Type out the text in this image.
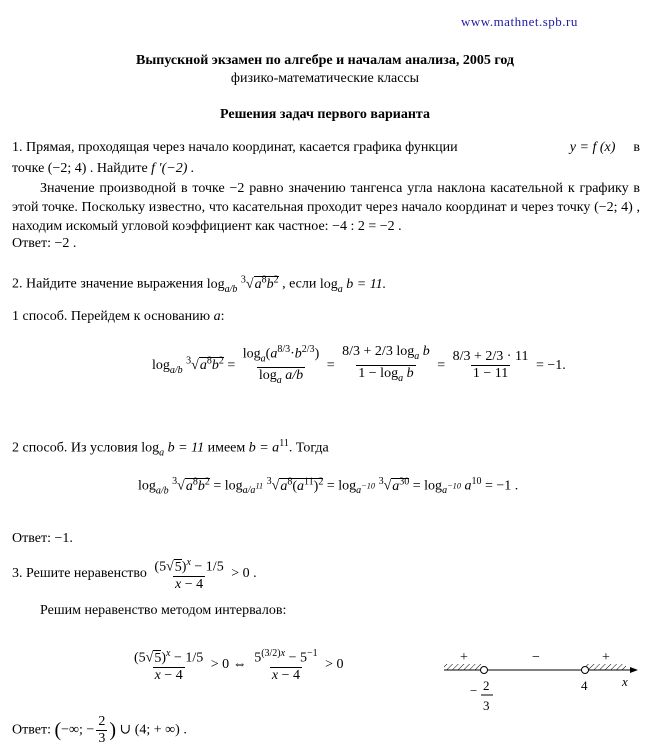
www.mathnet.spb.ru
Выпускной экзамен по алгебре и началам анализа, 2005 год
физико-математические классы
Решения задач первого варианта
1. Прямая, проходящая через начало координат, касается графика функции	y = f (x) в
точке (−2; 4) . Найдите f ′(−2) .
Значение производной в точке −2 равно значению тангенса угла наклона касательной к графику в этой точке. Поскольку известно, что касательная проходит через начало координат и через точку (−2; 4) , находим искомый угловой коэффициент как частное: −4 : 2 = −2 .
Ответ: −2 .
2. Найдите значение выражения $\log_{a/b} ^3√a^8b^2$ , если $\log_a b = 11$.
1 способ. Перейдем к основанию a:
$\log_{a/b} ^3√a^8b^2 = \frac{\log_a(a^{8/3}\cdot b^{2/3})}{\log_a a/b} = \frac{8/3 + 2/3 \log_a b}{1 - \log_a b} = \frac{8/3 + 2/3 \cdot 11}{1 - 11} = -1$.
2 способ. Из условия $\log_a b = 11$ имеем $b = a^{11}$. Тогда
$\log_{a/b} ^3√a^8b^2 = \log_{a/a^{11}} ^3√a^8(a^{11})^2 = \log_{a^{-10}} ^3√a^{30} = \log_{a^{-10}} a^{10} = -1$ .
Ответ: −1.
3. Решите неравенство $\frac{(5√5)^x - 1/5}{x - 4} > 0$ .
Решим неравенство методом интервалов:
$\frac{(5√5)^x - 1/5}{x - 4} > 0$ ⇔ $\frac{5^{(3/2)x} - 5^{-1}}{x - 4} > 0$	+	−	+
x
4
− 2
3
Ответ: (−∞; − $\frac{2}{3}$ ) ∪ (4; + ∞) .
